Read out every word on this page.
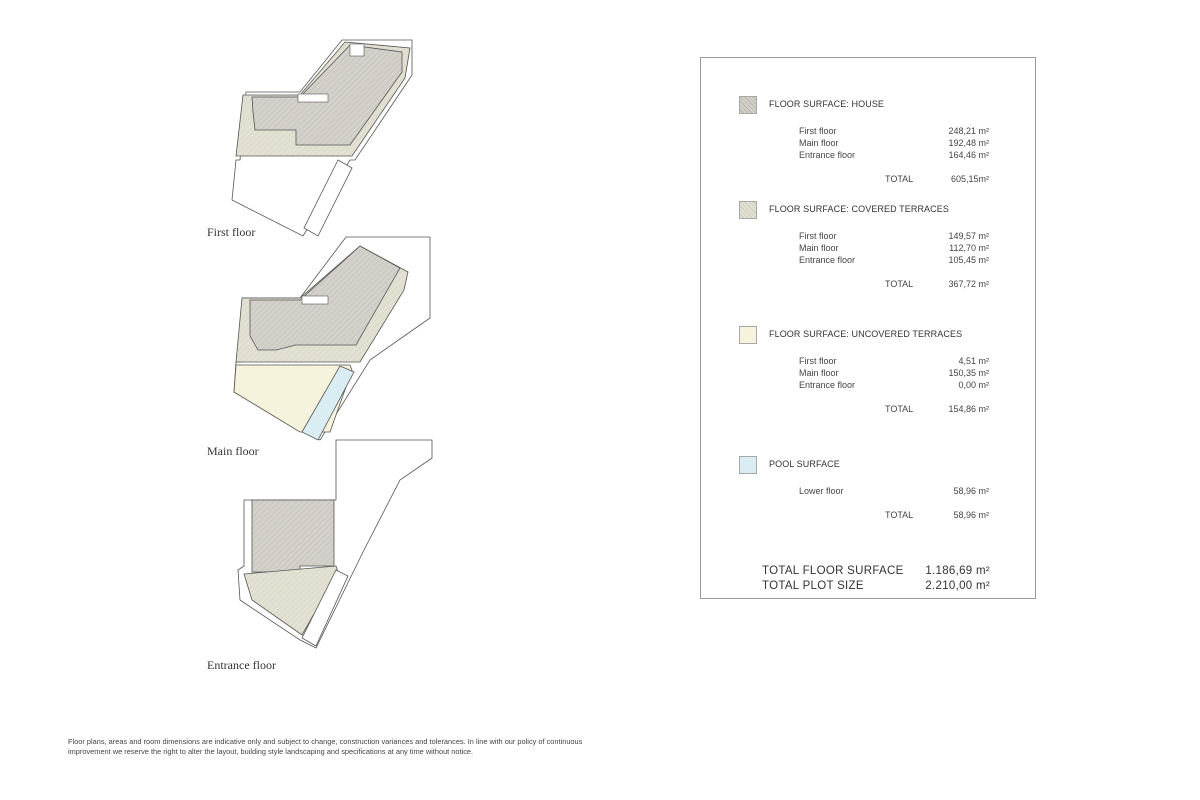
First floor
Main floor
Entrance floor
FLOOR SURFACE: HOUSE
First floor	248,21 m²
Main floor	192,48 m²
Entrance floor	164,46 m²
TOTAL	605,15m²
FLOOR SURFACE: COVERED TERRACES
First floor	149,57 m²
Main floor	112,70 m²
Entrance floor	105,45 m²
TOTAL	367,72 m²
FLOOR SURFACE: UNCOVERED TERRACES
First floor	4,51 m²
Main floor	150,35 m²
Entrance floor	0,00 m²
TOTAL	154,86 m²
POOL SURFACE
Lower floor	58,96 m²
TOTAL	58,96 m²
TOTAL FLOOR SURFACE 1.186,69 m²
TOTAL PLOT SIZE	2.210,00 m²
Floor plans, areas and room dimensions are indicative only and subject to change, construction variances and tolerances. In line with our policy of continuous improvement we reserve the right to alter the layout, building style landscaping and specifications at any time without notice.
